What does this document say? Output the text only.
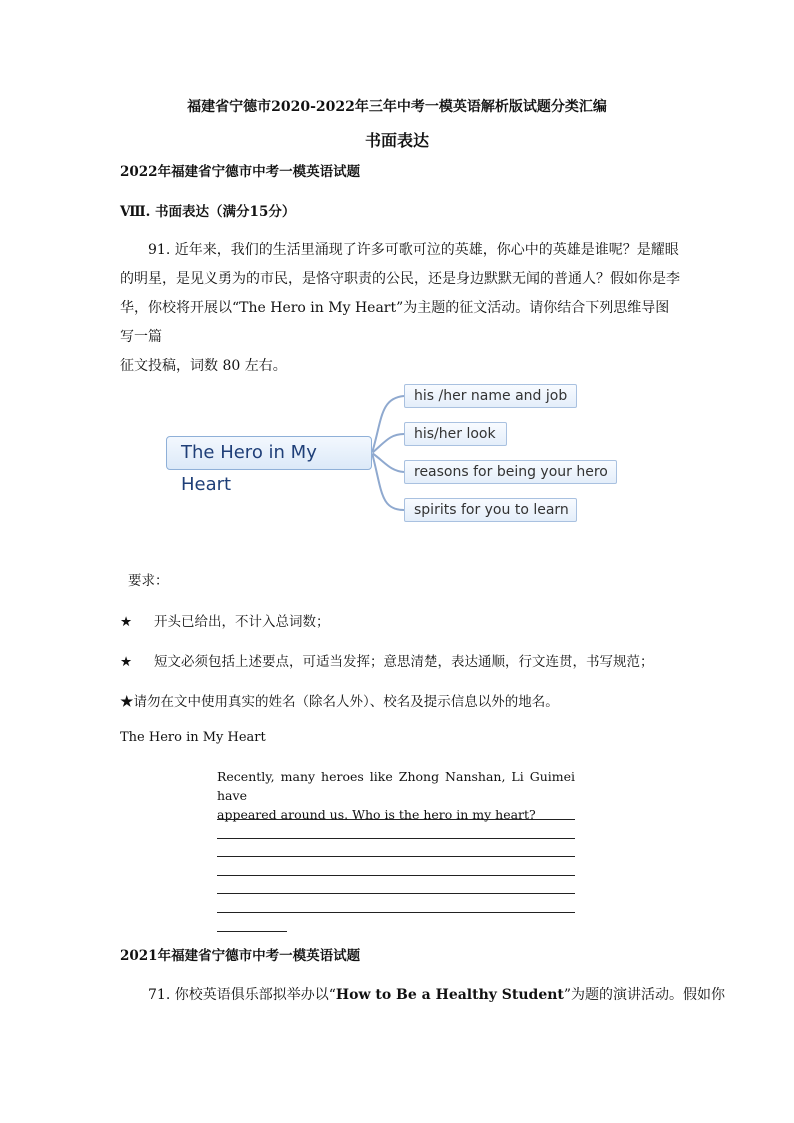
福建省宁德市2020-2022年三年中考一模英语解析版试题分类汇编
书面表达
2022年福建省宁德市中考一模英语试题
Ⅷ. 书面表达（满分15分）
91. 近年来，我们的生活里涌现了许多可歌可泣的英雄，你心中的英雄是谁呢？是耀眼
的明星，是见义勇为的市民，是恪守职责的公民，还是身边默默无闻的普通人？假如你是李
华，你校将开展以“The Hero in My Heart”为主题的征文活动。请你结合下列思维导图写一篇
征文投稿，词数 80 左右。
The Hero in My Heart
his /her name and job
his/her look
reasons for being your hero
spirits for you to learn
要求：
★ 开头已给出，不计入总词数；
★ 短文必须包括上述要点，可适当发挥；意思清楚，表达通顺，行文连贯，书写规范；
★请勿在文中使用真实的姓名（除名人外）、校名及提示信息以外的地名。
The Hero in My Heart
Recently, many heroes like Zhong Nanshan, Li Guimei have
appeared around us. Who is the hero in my heart?
2021年福建省宁德市中考一模英语试题
71. 你校英语俱乐部拟举办以“How to Be a Healthy Student”为题的演讲活动。假如你
